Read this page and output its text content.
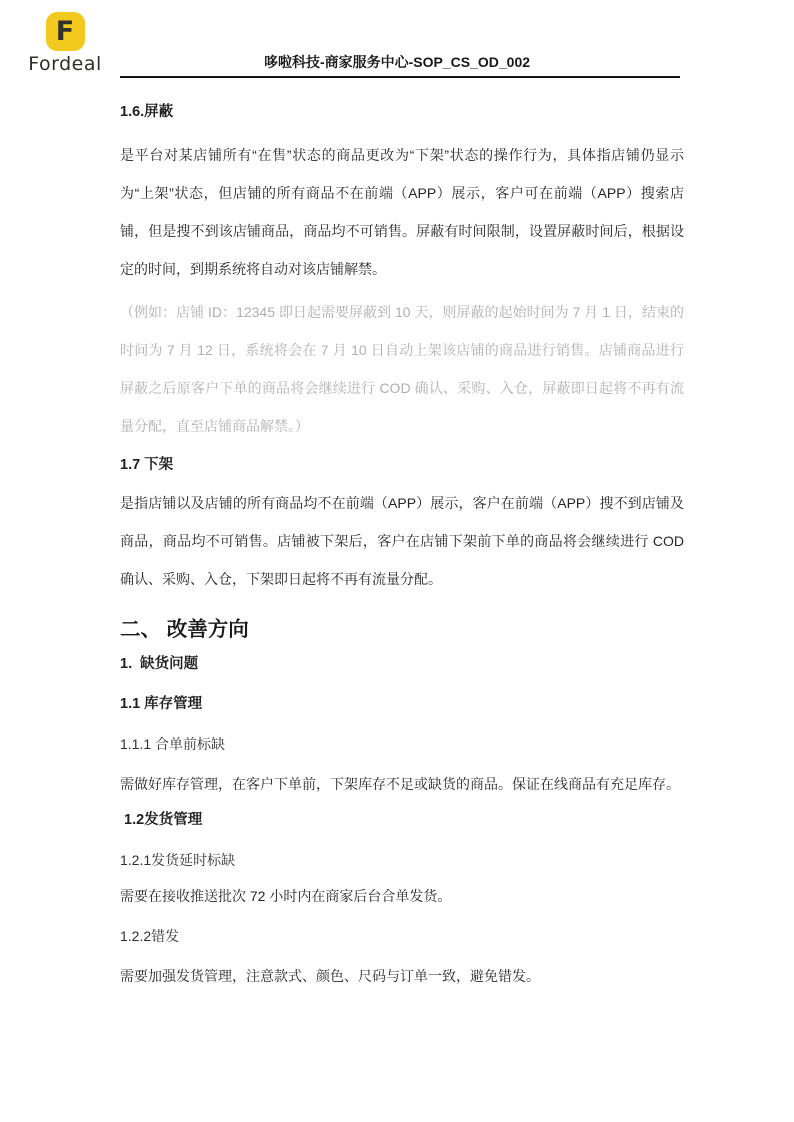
F
Fordeal	哆啦科技-商家服务中心-SOP_CS_OD_002
1.6.屏蔽
是平台对某店铺所有“在售”状态的商品更改为“下架”状态的操作行为，具体指店铺仍显示为“上架”状态，但店铺的所有商品不在前端（APP）展示，客户可在前端（APP）搜索店铺，但是搜不到该店铺商品，商品均不可销售。屏蔽有时间限制，设置屏蔽时间后，根据设定的时间，到期系统将自动对该店铺解禁。
（例如：店铺 ID：12345 即日起需要屏蔽到 10 天，则屏蔽的起始时间为 7 月 1 日，结束的时间为 7 月 12 日，系统将会在 7 月 10 日自动上架该店铺的商品进行销售。店铺商品进行屏蔽之后原客户下单的商品将会继续进行 COD 确认、采购、入仓，屏蔽即日起将不再有流量分配，直至店铺商品解禁。）
1.7 下架
是指店铺以及店铺的所有商品均不在前端（APP）展示，客户在前端（APP）搜不到店铺及商品，商品均不可销售。店铺被下架后，客户在店铺下架前下单的商品将会继续进行 COD 确认、采购、入仓，下架即日起将不再有流量分配。
二、 改善方向
1.  缺货问题
1.1 库存管理
1.1.1 合单前标缺
需做好库存管理，在客户下单前，下架库存不足或缺货的商品。保证在线商品有充足库存。
1.2发货管理
1.2.1发货延时标缺
需要在接收推送批次 72 小时内在商家后台合单发货。
1.2.2错发
需要加强发货管理，注意款式、颜色、尺码与订单一致，避免错发。
